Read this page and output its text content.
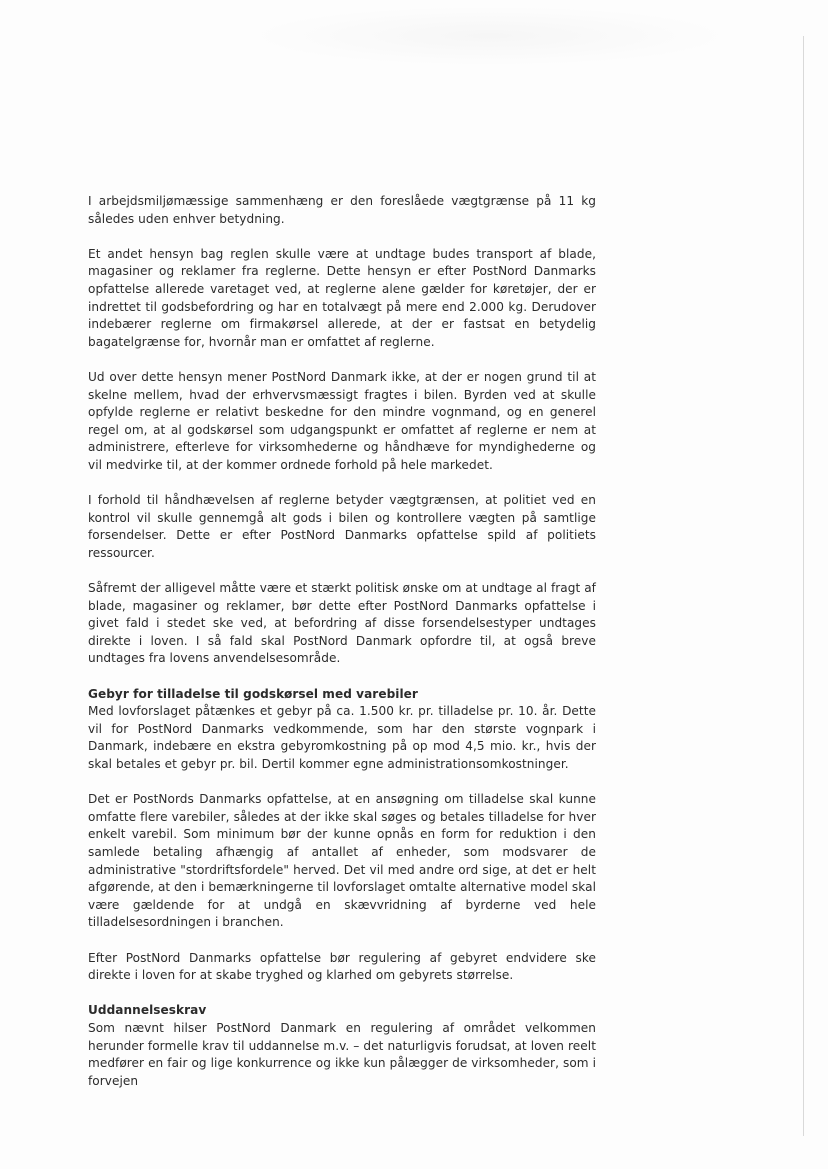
I arbejdsmiljømæssige sammenhæng er den foreslåede vægtgrænse på 11 kg således uden enhver betydning.

Et andet hensyn bag reglen skulle være at undtage budes transport af blade, magasiner og reklamer fra reglerne. Dette hensyn er efter PostNord Danmarks opfattelse allerede varetaget ved, at reglerne alene gælder for køretøjer, der er indrettet til godsbefordring og har en totalvægt på mere end 2.000 kg. Derudover indebærer reglerne om firmakørsel allerede, at der er fastsat en betydelig bagatelgrænse for, hvornår man er omfattet af reglerne.

Ud over dette hensyn mener PostNord Danmark ikke, at der er nogen grund til at skelne mellem, hvad der erhvervsmæssigt fragtes i bilen. Byrden ved at skulle opfylde reglerne er relativt beskedne for den mindre vognmand, og en generel regel om, at al godskørsel som udgangspunkt er omfattet af reglerne er nem at administrere, efterleve for virksomhederne og håndhæve for myndighederne og vil medvirke til, at der kommer ordnede forhold på hele markedet.

I forhold til håndhævelsen af reglerne betyder vægtgrænsen, at politiet ved en kontrol vil skulle gennemgå alt gods i bilen og kontrollere vægten på samtlige forsendelser. Dette er efter PostNord Danmarks opfattelse spild af politiets ressourcer.

Såfremt der alligevel måtte være et stærkt politisk ønske om at undtage al fragt af blade, magasiner og reklamer, bør dette efter PostNord Danmarks opfattelse i givet fald i stedet ske ved, at befordring af disse forsendelsestyper undtages direkte i loven. I så fald skal PostNord Danmark opfordre til, at også breve undtages fra lovens anvendelsesområde.

Gebyr for tilladelse til godskørsel med varebiler

Med lovforslaget påtænkes et gebyr på ca. 1.500 kr. pr. tilladelse pr. 10. år. Dette vil for PostNord Danmarks vedkommende, som har den største vognpark i Danmark, indebære en ekstra gebyromkostning på op mod 4,5 mio. kr., hvis der skal betales et gebyr pr. bil. Dertil kommer egne administrationsomkostninger.

Det er PostNords Danmarks opfattelse, at en ansøgning om tilladelse skal kunne omfatte flere varebiler, således at der ikke skal søges og betales tilladelse for hver enkelt varebil. Som minimum bør der kunne opnås en form for reduktion i den samlede betaling afhængig af antallet af enheder, som modsvarer de administrative "stordriftsfordele" herved. Det vil med andre ord sige, at det er helt afgørende, at den i bemærkningerne til lovforslaget omtalte alternative model skal være gældende for at undgå en skævvridning af byrderne ved hele tilladelsesordningen i branchen.

Efter PostNord Danmarks opfattelse bør regulering af gebyret endvidere ske direkte i loven for at skabe tryghed og klarhed om gebyrets størrelse.

Uddannelseskrav

Som nævnt hilser PostNord Danmark en regulering af området velkommen herunder formelle krav til uddannelse m.v. – det naturligvis forudsat, at loven reelt medfører en fair og lige konkurrence og ikke kun pålægger de virksomheder, som i forvejen
